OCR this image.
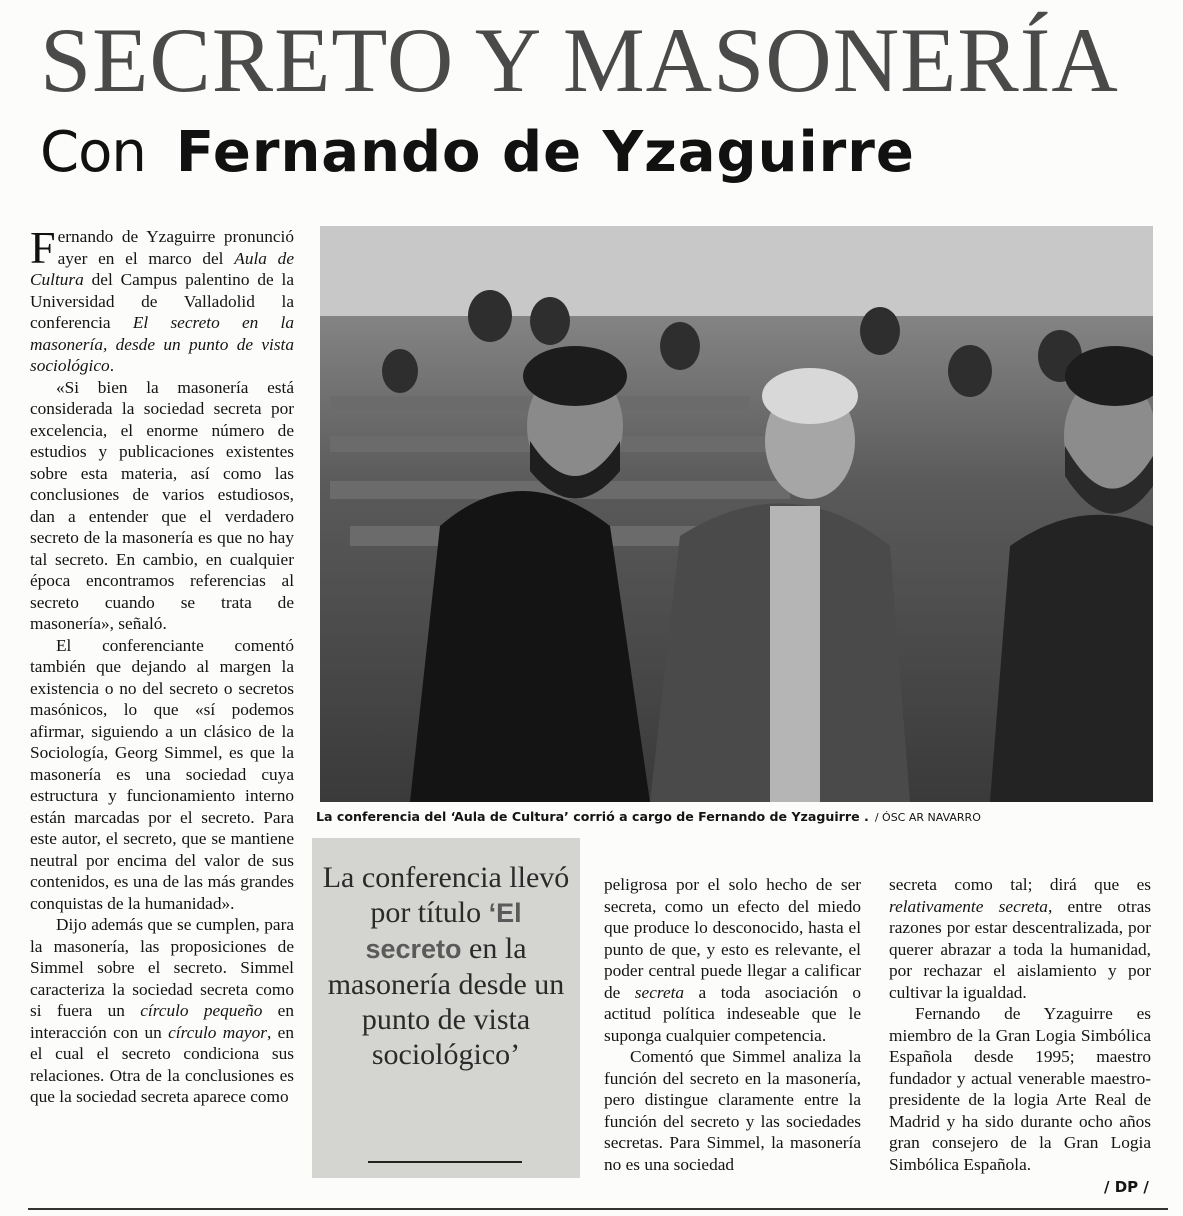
SECRETO Y MASONERÍA
Con Fernando de Yzaguirre

Fernando de Yzaguirre pronunció ayer en el marco del Aula de Cultura del Campus palentino de la Universidad de Valladolid la conferencia El secreto en la masonería, desde un punto de vista sociológico.

«Si bien la masonería está considerada la sociedad secreta por excelencia, el enorme número de estudios y publicaciones existentes sobre esta materia, así como las conclusiones de varios estudiosos, dan a entender que el verdadero secreto de la masonería es que no hay tal secreto. En cambio, en cualquier época encontramos referencias al secreto cuando se trata de masonería», señaló.

El conferenciante comentó también que dejando al margen la existencia o no del secreto o secretos masónicos, lo que «sí podemos afirmar, siguiendo a un clásico de la Sociología, Georg Simmel, es que la masonería es una sociedad cuya estructura y funcionamiento interno están marcadas por el secreto. Para este autor, el secreto, que se mantiene neutral por encima del valor de sus contenidos, es una de las más grandes conquistas de la humanidad».

Dijo además que se cumplen, para la masonería, las proposiciones de Simmel sobre el secreto. Simmel caracteriza la sociedad secreta como si fuera un círculo pequeño en interacción con un círculo mayor, en el cual el secreto condiciona sus relaciones. Otra de la conclusiones es que la sociedad secreta aparece como

La conferencia del ‘Aula de Cultura’ corrió a cargo de Fernando de Yzaguirre . / ÓSC AR NAVARRO
La conferencia llevó por título ‘El secreto en la masonería desde un punto de vista sociológico’

peligrosa por el solo hecho de ser secreta, como un efecto del miedo que produce lo desconocido, hasta el punto de que, y esto es relevante, el poder central puede llegar a calificar de secreta a toda asociación o actitud política indeseable que le suponga cualquier competencia.

Comentó que Simmel analiza la función del secreto en la masonería, pero distingue claramente entre la función del secreto y las sociedades secretas. Para Simmel, la masonería no es una sociedad

secreta como tal; dirá que es relativamente secreta, entre otras razones por estar descentralizada, por querer abrazar a toda la humanidad, por rechazar el aislamiento y por cultivar la igualdad.

Fernando de Yzaguirre es miembro de la Gran Logia Simbólica Española desde 1995; maestro fundador y actual venerable maestro-presidente de la logia Arte Real de Madrid y ha sido durante ocho años gran consejero de la Gran Logia Simbólica Española.

/ DP /
